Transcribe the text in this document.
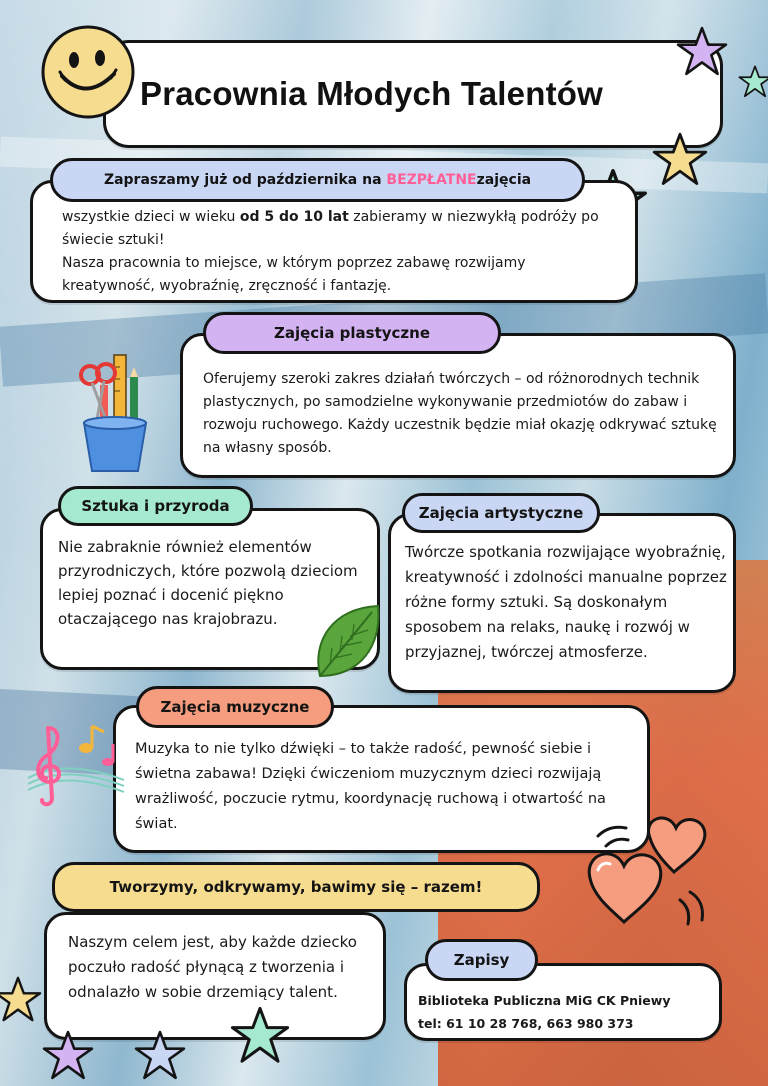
Pracownia Młodych Talentów
Zapraszamy już od października na
BEZPŁATNE zajęcia
wszystkie dzieci w wieku od 5 do 10 lat zabieramy w niezwykłą podróży po świecie sztuki!
Nasza pracownia to miejsce, w którym poprzez zabawę rozwijamy kreatywność, wyobraźnię, zręczność i fantazję.
Zajęcia plastyczne
Oferujemy szeroki zakres działań twórczych – od różnorodnych technik plastycznych, po samodzielne wykonywanie przedmiotów do zabaw i rozwoju ruchowego. Każdy uczestnik będzie miał okazję odkrywać sztukę na własny sposób.
Sztuka i przyroda
Nie zabraknie również elementów przyrodniczych, które pozwolą dzieciom lepiej poznać i docenić piękno otaczającego nas krajobrazu.
Zajęcia artystyczne
Twórcze spotkania rozwijające wyobraźnię, kreatywność i zdolności manualne poprzez różne formy sztuki. Są doskonałym sposobem na relaks, naukę i rozwój w przyjaznej, twórczej atmosferze.
Zajęcia muzyczne
Muzyka to nie tylko dźwięki – to także radość, pewność siebie i świetna zabawa! Dzięki ćwiczeniom muzycznym dzieci rozwijają wrażliwość, poczucie rytmu, koordynację ruchową i otwartość na świat.
Tworzymy, odkrywamy, bawimy się – razem!
Naszym celem jest, aby każde dziecko poczuło radość płynącą z tworzenia i odnalazło w sobie drzemiący talent.
Zapisy
Biblioteka Publiczna MiG CK Pniewy
tel: 61 10 28 768, 663 980 373
